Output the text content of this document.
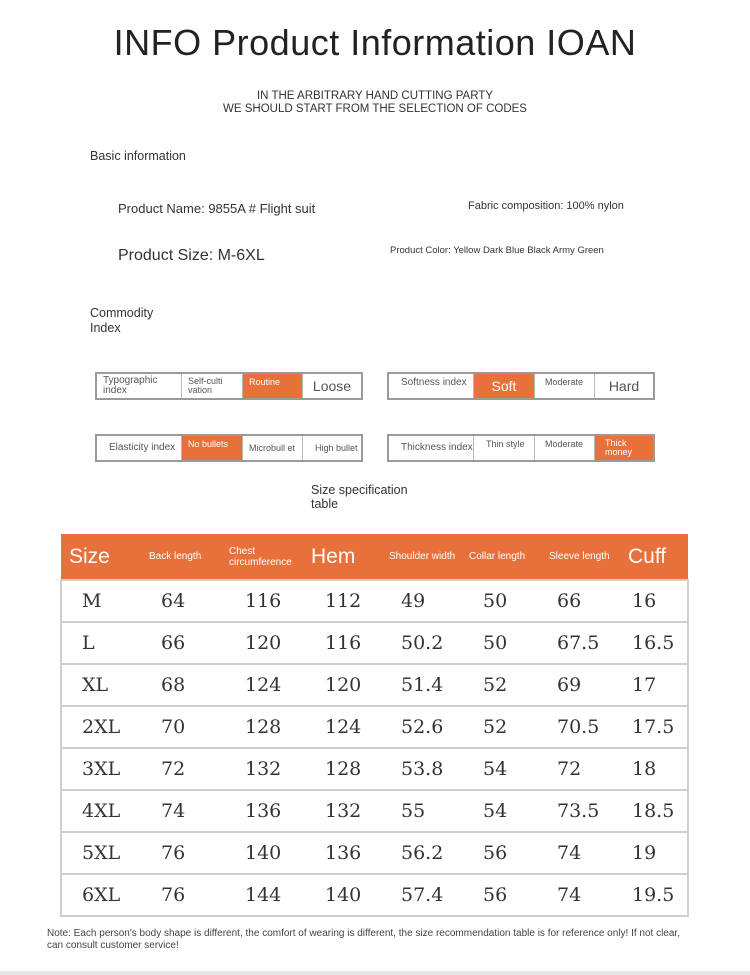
INFO Product Information IOAN
IN THE ARBITRARY HAND CUTTING PARTY
WE SHOULD START FROM THE SELECTION OF CODES
Basic information
Product Name: 9855A # Flight suit	Fabric composition: 100% nylon
Product Size: M-6XL	Product Color: Yellow Dark Blue Black Army Green
Commodity
Index
Typographic index
Self-culti vation
Routine	Loose	Softness index	Soft	Moderate	Hard
Elasticity index	No bullets	Microbull et	High bullet	Thickness index	Thin style	Moderate	Thick money
Size specification
table
Size	Back length	Chest circumference	Hem	Shoulder width	Collar length	Sleeve length	Cuff
M	64	116	112	49	50	66	16
L	66	120	116	50.2	50	67.5	16.5
XL	68	124	120	51.4	52	69	17
2XL	70	128	124	52.6	52	70.5	17.5
3XL	72	132	128	53.8	54	72	18
4XL	74	136	132	55	54	73.5	18.5
5XL	76	140	136	56.2	56	74	19
6XL	76	144	140	57.4	56	74	19.5
Note: Each person's body shape is different, the comfort of wearing is different, the size recommendation table is for reference only! If not clear, can consult customer service!
